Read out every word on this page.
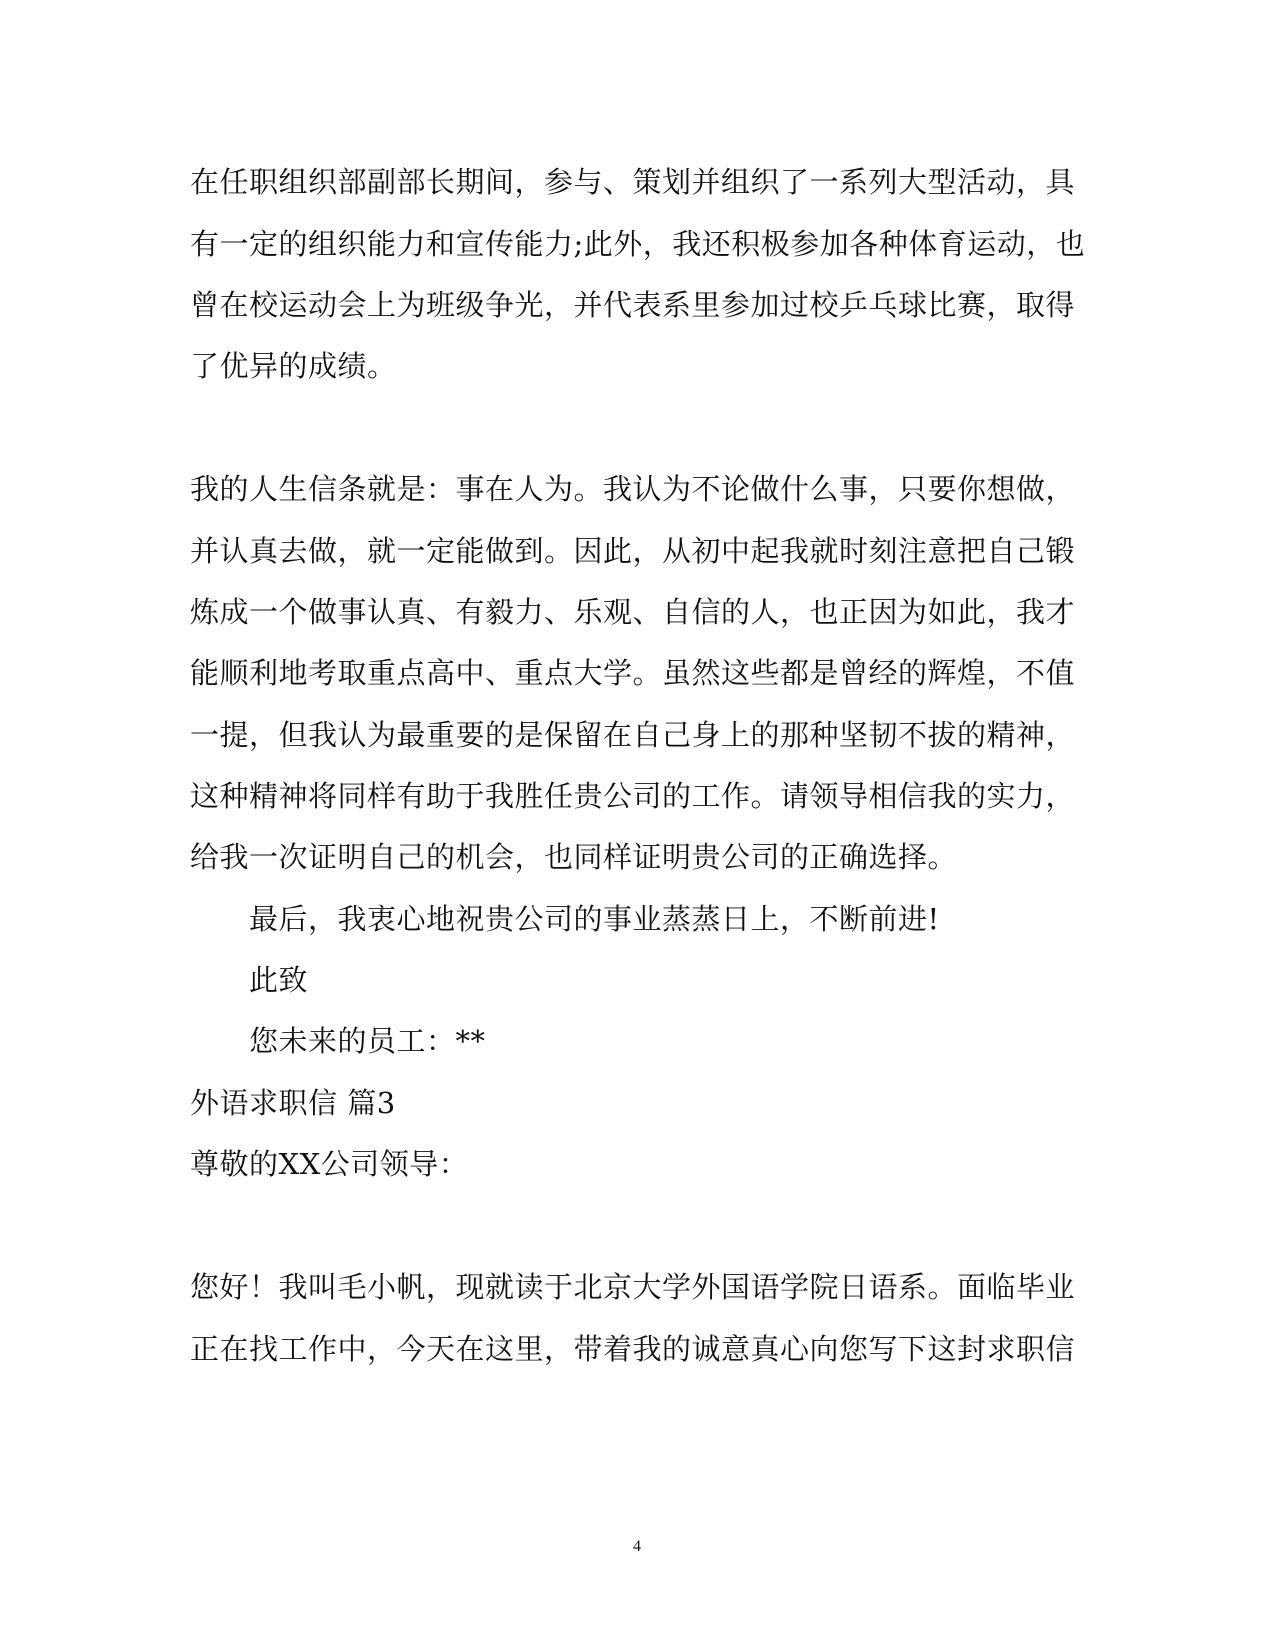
在任职组织部副部长期间，参与、策划并组织了一系列大型活动，具
有一定的组织能力和宣传能力;此外，我还积极参加各种体育运动，也
曾在校运动会上为班级争光，并代表系里参加过校乒乓球比赛，取得
了优异的成绩。
我的人生信条就是：事在人为。我认为不论做什么事，只要你想做，
并认真去做，就一定能做到。因此，从初中起我就时刻注意把自己锻
炼成一个做事认真、有毅力、乐观、自信的人，也正因为如此，我才
能顺利地考取重点高中、重点大学。虽然这些都是曾经的辉煌，不值
一提，但我认为最重要的是保留在自己身上的那种坚韧不拔的精神，
这种精神将同样有助于我胜任贵公司的工作。请领导相信我的实力，
给我一次证明自己的机会，也同样证明贵公司的正确选择。
最后，我衷心地祝贵公司的事业蒸蒸日上，不断前进!
此致
您未来的员工：**
外语求职信 篇3
尊敬的XX公司领导：
您好！我叫毛小帆，现就读于北京大学外国语学院日语系。面临毕业
正在找工作中，今天在这里，带着我的诚意真心向您写下这封求职信
4
